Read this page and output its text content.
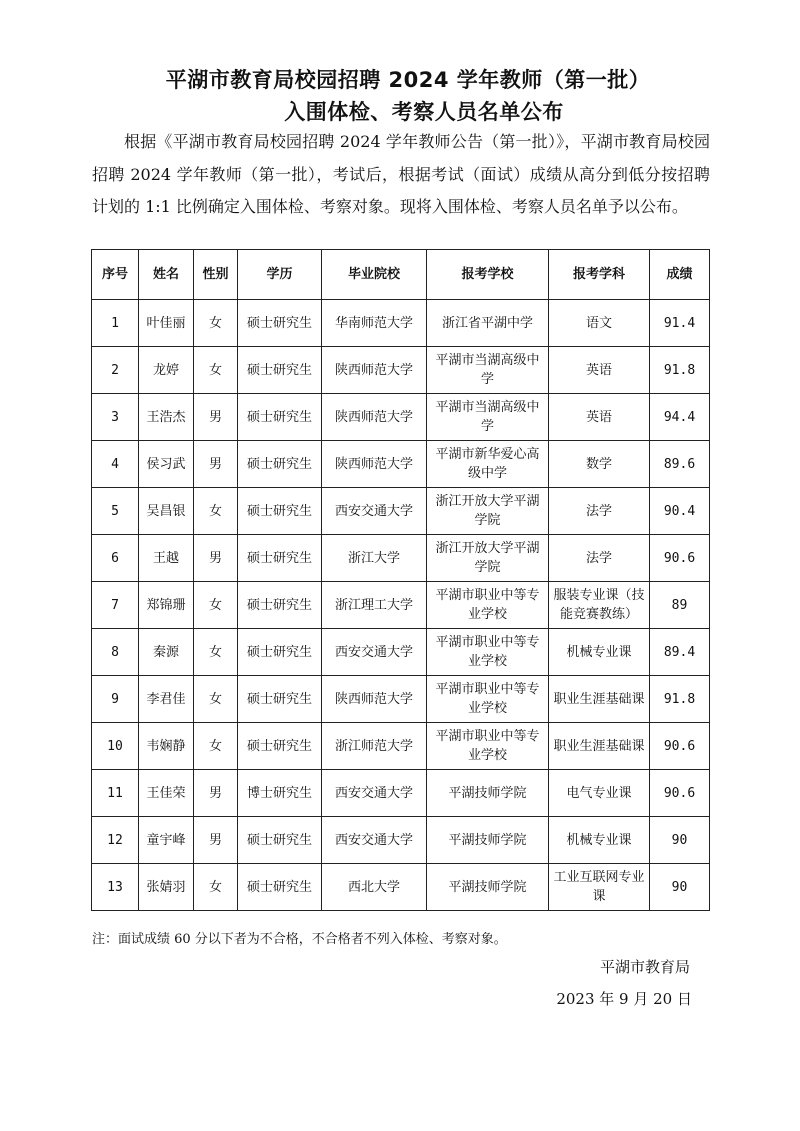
平湖市教育局校园招聘 2024 学年教师（第一批）
入围体检、考察人员名单公布
根据《平湖市教育局校园招聘 2024 学年教师公告（第一批）》，平湖市教育局校园招聘 2024 学年教师（第一批），考试后，根据考试（面试）成绩从高分到低分按招聘计划的 1:1 比例确定入围体检、考察对象。现将入围体检、考察人员名单予以公布。
序号	姓名	性别	学历	毕业院校	报考学校	报考学科	成绩
1	叶佳丽	女	硕士研究生	华南师范大学	浙江省平湖中学	语文	91.4
2	龙婷	女	硕士研究生	陕西师范大学	平湖市当湖高级中学	英语	91.8
3	王浩杰	男	硕士研究生	陕西师范大学	平湖市当湖高级中学	英语	94.4
4	侯习武	男	硕士研究生	陕西师范大学	平湖市新华爱心高级中学	数学	89.6
5	吴昌银	女	硕士研究生	西安交通大学	浙江开放大学平湖学院	法学	90.4
6	王越	男	硕士研究生	浙江大学	浙江开放大学平湖学院	法学	90.6
7	郑锦珊	女	硕士研究生	浙江理工大学	平湖市职业中等专业学校	服装专业课（技能竞赛教练）	89
8	秦源	女	硕士研究生	西安交通大学	平湖市职业中等专业学校	机械专业课	89.4
9	李君佳	女	硕士研究生	陕西师范大学	平湖市职业中等专业学校	职业生涯基础课	91.8
10	韦娴静	女	硕士研究生	浙江师范大学	平湖市职业中等专业学校	职业生涯基础课	90.6
11	王佳荣	男	博士研究生	西安交通大学	平湖技师学院	电气专业课	90.6
12	童宇峰	男	硕士研究生	西安交通大学	平湖技师学院	机械专业课	90
13	张婧羽	女	硕士研究生	西北大学	平湖技师学院	工业互联网专业课	90
注：面试成绩 60 分以下者为不合格，不合格者不列入体检、考察对象。
平湖市教育局
2023 年 9 月 20 日
